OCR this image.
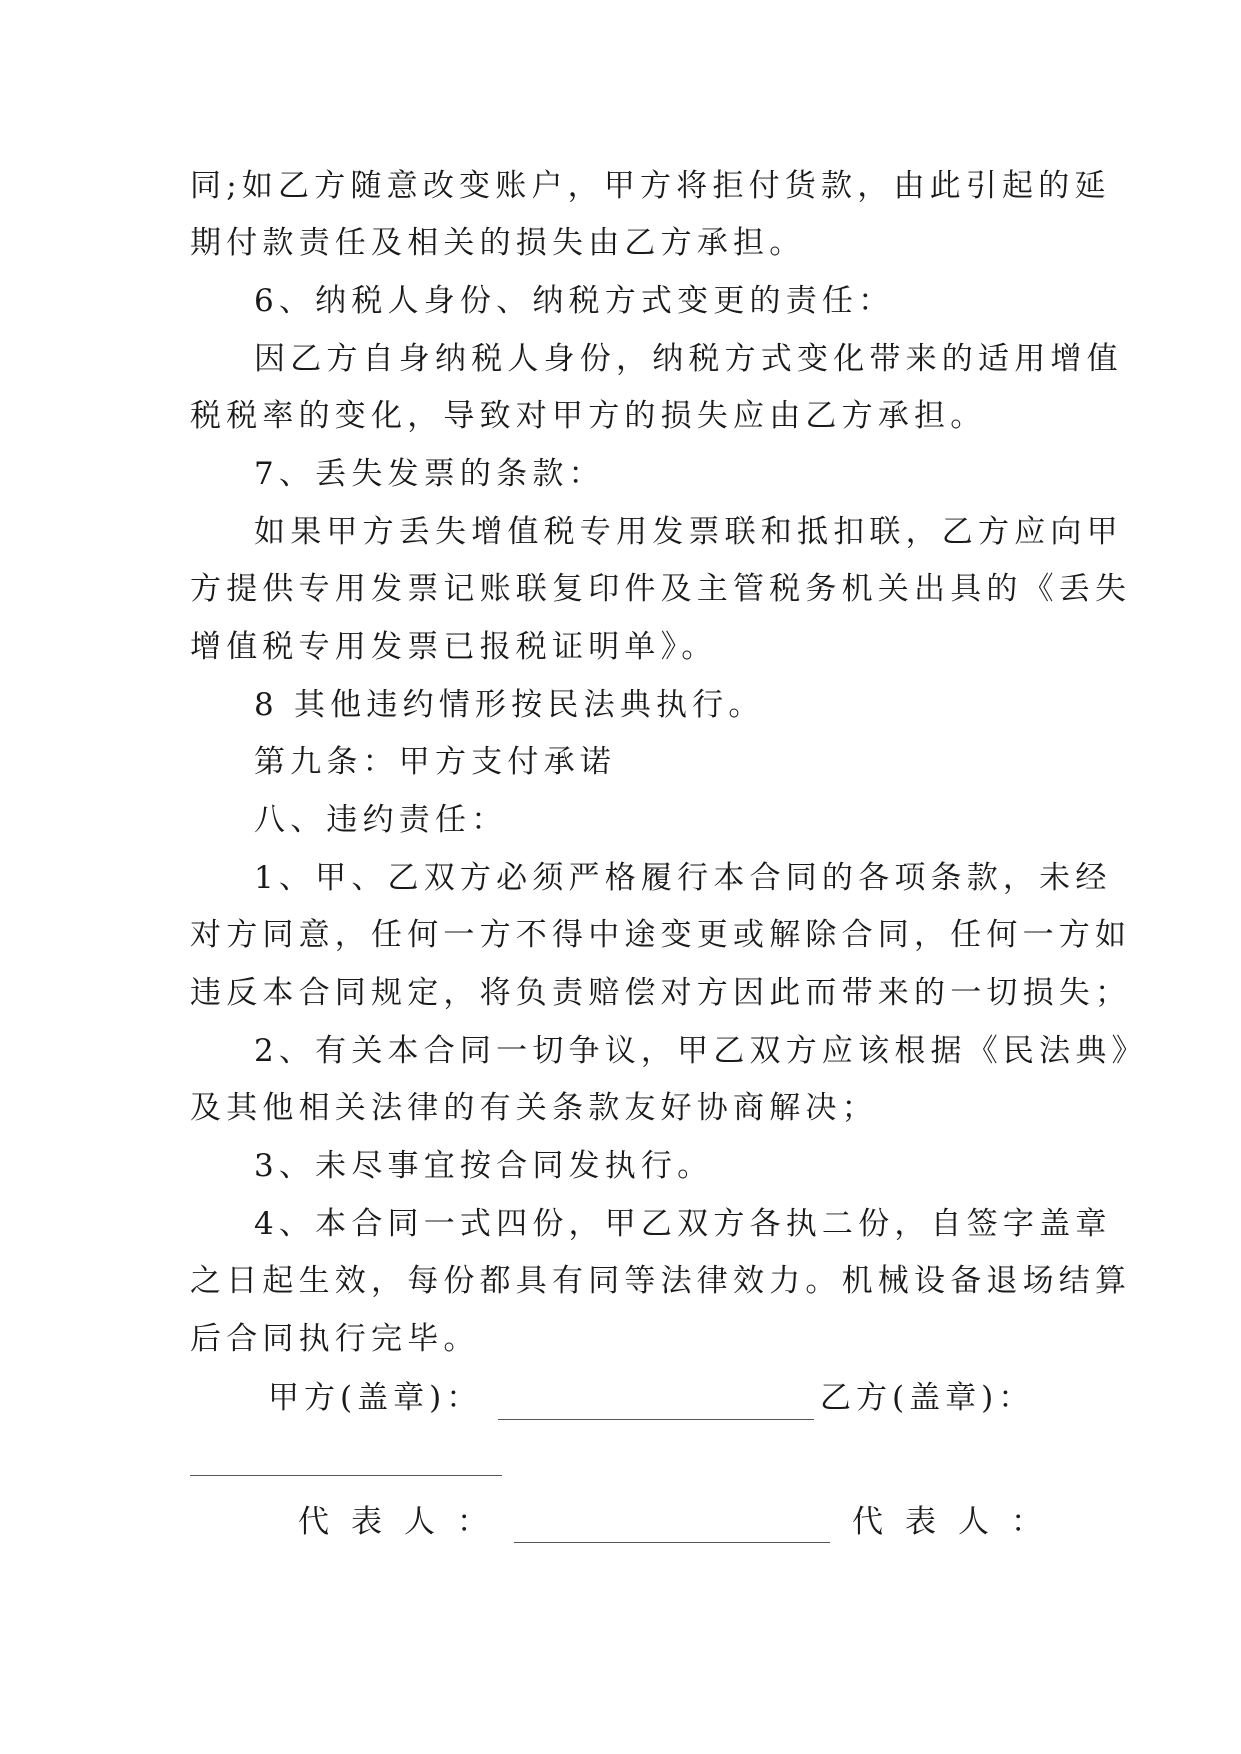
同;如乙方随意改变账户，甲方将拒付货款，由此引起的延
期付款责任及相关的损失由乙方承担。
6、纳税人身份、纳税方式变更的责任：
因乙方自身纳税人身份，纳税方式变化带来的适用增值
税税率的变化，导致对甲方的损失应由乙方承担。
7、丢失发票的条款：
如果甲方丢失增值税专用发票联和抵扣联，乙方应向甲
方提供专用发票记账联复印件及主管税务机关出具的《丢失
增值税专用发票已报税证明单》。
8 其他违约情形按民法典执行。
第九条：甲方支付承诺
八、违约责任：
1、甲、乙双方必须严格履行本合同的各项条款，未经
对方同意，任何一方不得中途变更或解除合同，任何一方如
违反本合同规定，将负责赔偿对方因此而带来的一切损失；
2、有关本合同一切争议，甲乙双方应该根据《民法典》
及其他相关法律的有关条款友好协商解决；
3、未尽事宜按合同发执行。
4、本合同一式四份，甲乙双方各执二份，自签字盖章
之日起生效，每份都具有同等法律效力。机械设备退场结算
后合同执行完毕。
甲方(盖章)：	乙方(盖章)：
代表人：	代表人：
